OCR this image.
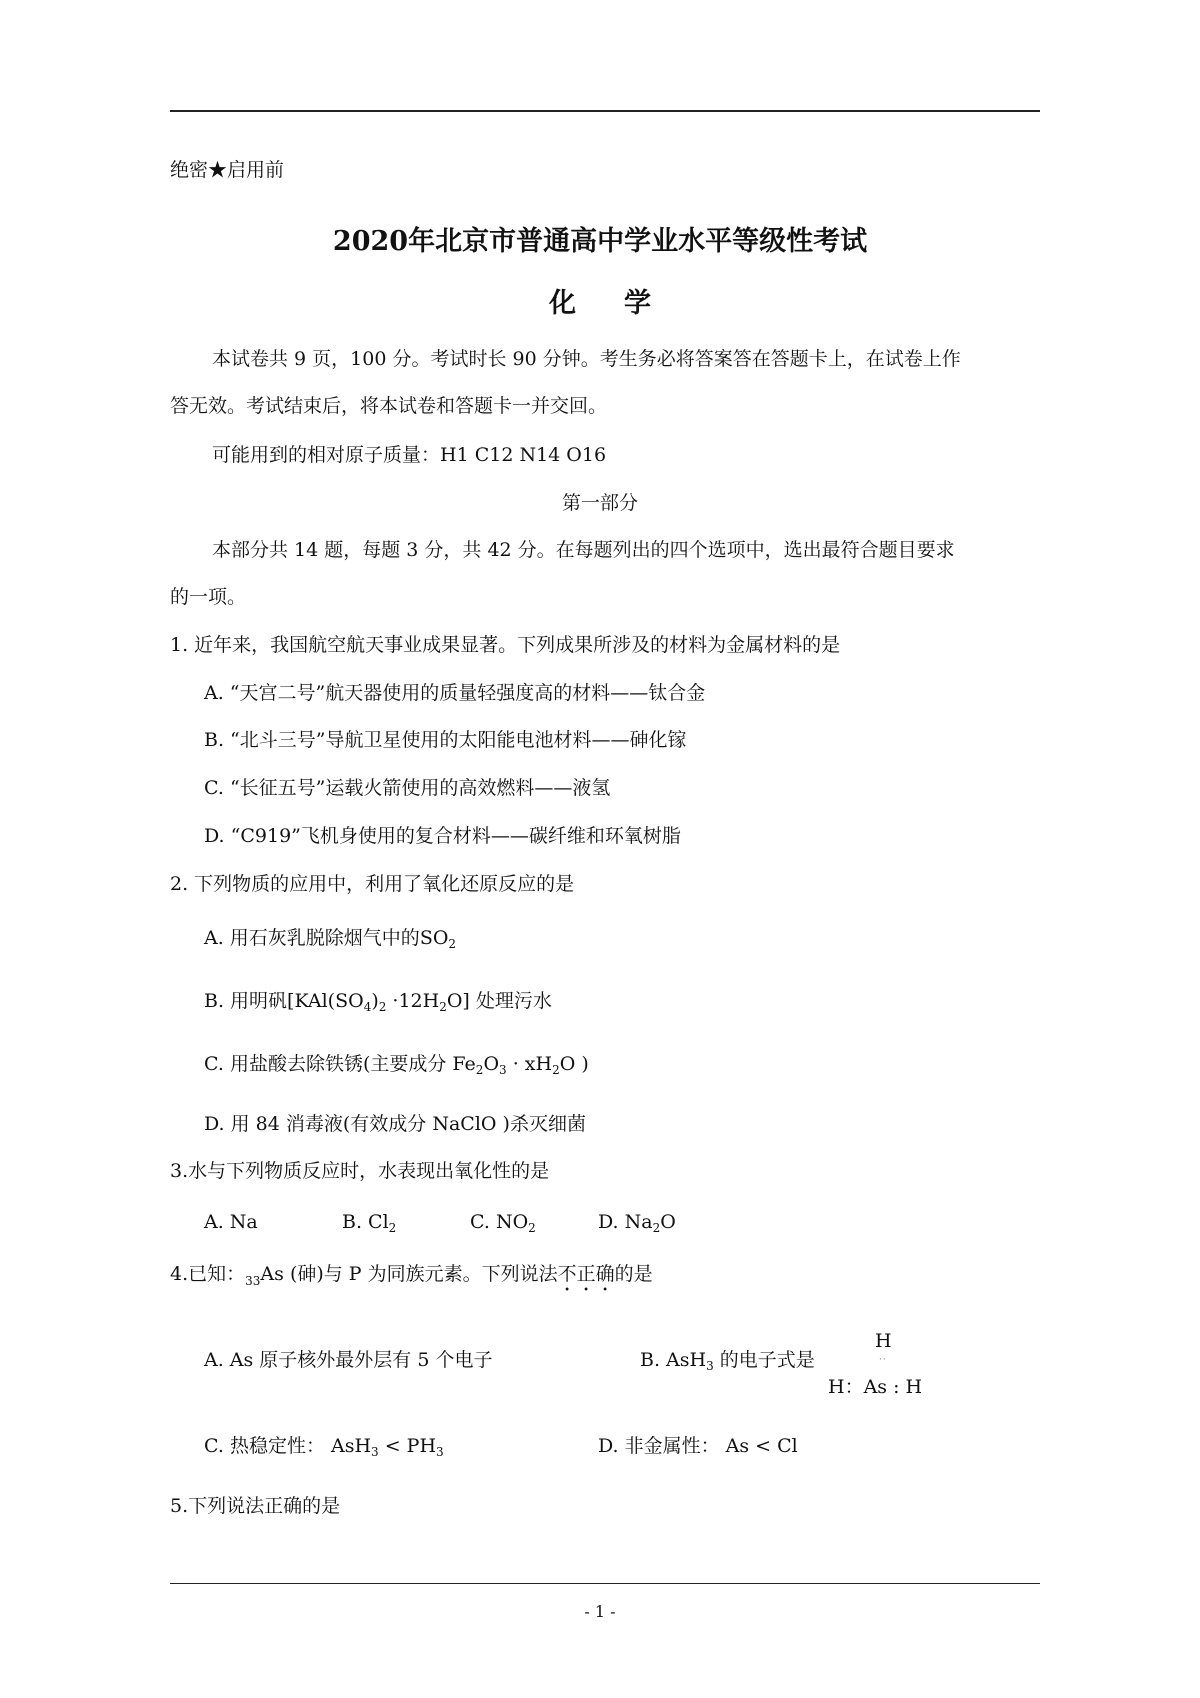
绝密★启用前
2020年北京市普通高中学业水平等级性考试
化学
本试卷共 9 页，100 分。考试时长 90 分钟。考生务必将答案答在答题卡上，在试卷上作
答无效。考试结束后，将本试卷和答题卡一并交回。
可能用到的相对原子质量：H1 C12 N14 O16
第一部分
本部分共 14 题，每题 3 分，共 42 分。在每题列出的四个选项中，选出最符合题目要求
的一项。
1. 近年来，我国航空航天事业成果显著。下列成果所涉及的材料为金属材料的是
A. “天宫二号”航天器使用的质量轻强度高的材料——钛合金
B. “北斗三号”导航卫星使用的太阳能电池材料——砷化镓
C. “长征五号”运载火箭使用的高效燃料——液氢
D. “C919”飞机身使用的复合材料——碳纤维和环氧树脂
2. 下列物质的应用中，利用了氧化还原反应的是
A. 用石灰乳脱除烟气中的$SO_2$
B. 用明矾$[KAl(SO_4)_2 \cdot 12H_2O]$ 处理污水
C. 用盐酸去除铁锈(主要成分 $Fe_2O_3 \cdot xH_2O$ )
D. 用 84 消毒液(有效成分 NaClO )杀灭细菌
3.水与下列物质反应时，水表现出氧化性的是
A. Na	B. $Cl_2$	C. $NO_2$	D. $Na_2O$
4.已知：$_{33}$As (砷)与 P 为同族元素。下列说法不正确的是
A. As 原子核外最外层有 5 个电子	B. AsH$_3$ 的电子式是
H
··
H：As : H
C. 热稳定性： $AsH_3 < PH_3$	D. 非金属性： As < Cl
5.下列说法正确的是
- 1 -
